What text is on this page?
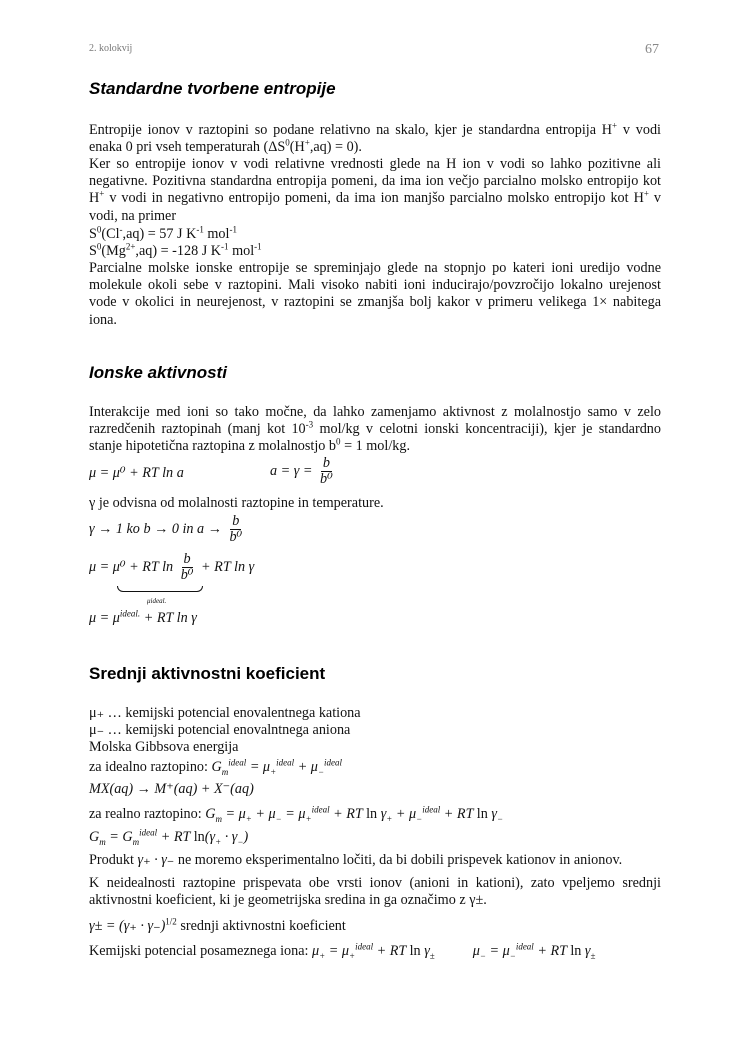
2. kolokvij	67
Standardne tvorbene entropije
Entropije ionov v raztopini so podane relativno na skalo, kjer je standardna entropija H+ v vodi enaka 0 pri vseh temperaturah $(\Delta S^0(H^+,aq) = 0)$.
Ker so entropije ionov v vodi relativne vrednosti glede na H ion v vodi so lahko pozitivne ali negativne. Pozitivna standardna entropija pomeni, da ima ion večjo parcialno molsko entropijo kot H+ v vodi in negativno entropijo pomeni, da ima ion manjšo parcialno molsko entropijo kot H+ v vodi, na primer
$S^0(Cl^-,aq) = 57$ J $K^{-1}$ mol$^{-1}$
$S^0(Mg^{2+},aq) = -128$ J $K^{-1}$ mol$^{-1}$
Parcialne molske ionske entropije se spreminjajo glede na stopnjo po kateri ioni uredijo vodne molekule okoli sebe v raztopini. Mali visoko nabiti ioni inducirajo/povzročijo lokalno urejenost vode v okolici in neurejenost, v raztopini se zmanjša bolj kakor v primeru velikega 1× nabitega iona.
Ionske aktivnosti
Interakcije med ioni so tako močne, da lahko zamenjamo aktivnost z molalnostjo samo v zelo razredčenih raztopinah (manj kot $10^{-3}$ mol/kg v celotni ionski koncentraciji), kjer je standardno stanje hipotetična raztopina z molalnostjo $b^0 = 1$ mol/kg.
μ = μ⁰ + RT ln a	$a = \gamma = \frac{b}{\text{b⁰}}$
γ je odvisna od molalnosti raztopine in temperature.
γ → 1 ko b → 0 in $a \to \frac{b}{\text{b⁰}}$
μ = μ⁰ + RT $\ln \frac{b}{\text{b⁰}}$ + RT ln γ
μideal.
$\mu = \mu^{ideal.}$ + RT ln γ
Srednji aktivnostni koeficient
μ₊ … kemijski potencial enovalentnega kationa
μ₋ … kemijski potencial enovalntnega aniona
Molska Gibbsova energija
za idealno raztopino: $G_m^{ideal} = \mu_+^{ideal} + \mu_-^{ideal}$
MX(aq) → M⁺(aq) + X⁻(aq)
za realno raztopino: $G_m = \mu_+ + \mu_- = \mu_+^{ideal}$ + RT $\ln \gamma_+ + \mu_-^{ideal}$ + RT $\ln \gamma_-$
$G_m = G_m^{ideal}$ + RT $\ln(\gamma_+ \cdot \gamma_-)$
Produkt γ₊ · γ₋ ne moremo eksperimentalno ločiti, da bi dobili prispevek kationov in anionov.
K neidealnosti raztopine prispevata obe vrsti ionov (anioni in kationi), zato vpeljemo srednji aktivnostni koeficient, ki je geometrijska sredina in ga označimo z γ±.
$\gamma\pm = (\gamma_+ \cdot \gamma_-)^{1/2}$ srednji aktivnostni koeficient
Kemijski potencial posameznega iona: $\mu_+ = \mu_+^{ideal}$ + RT $\ln \gamma_\pm$	$\mu_- = \mu_-^{ideal}$ + RT $\ln \gamma_\pm$
